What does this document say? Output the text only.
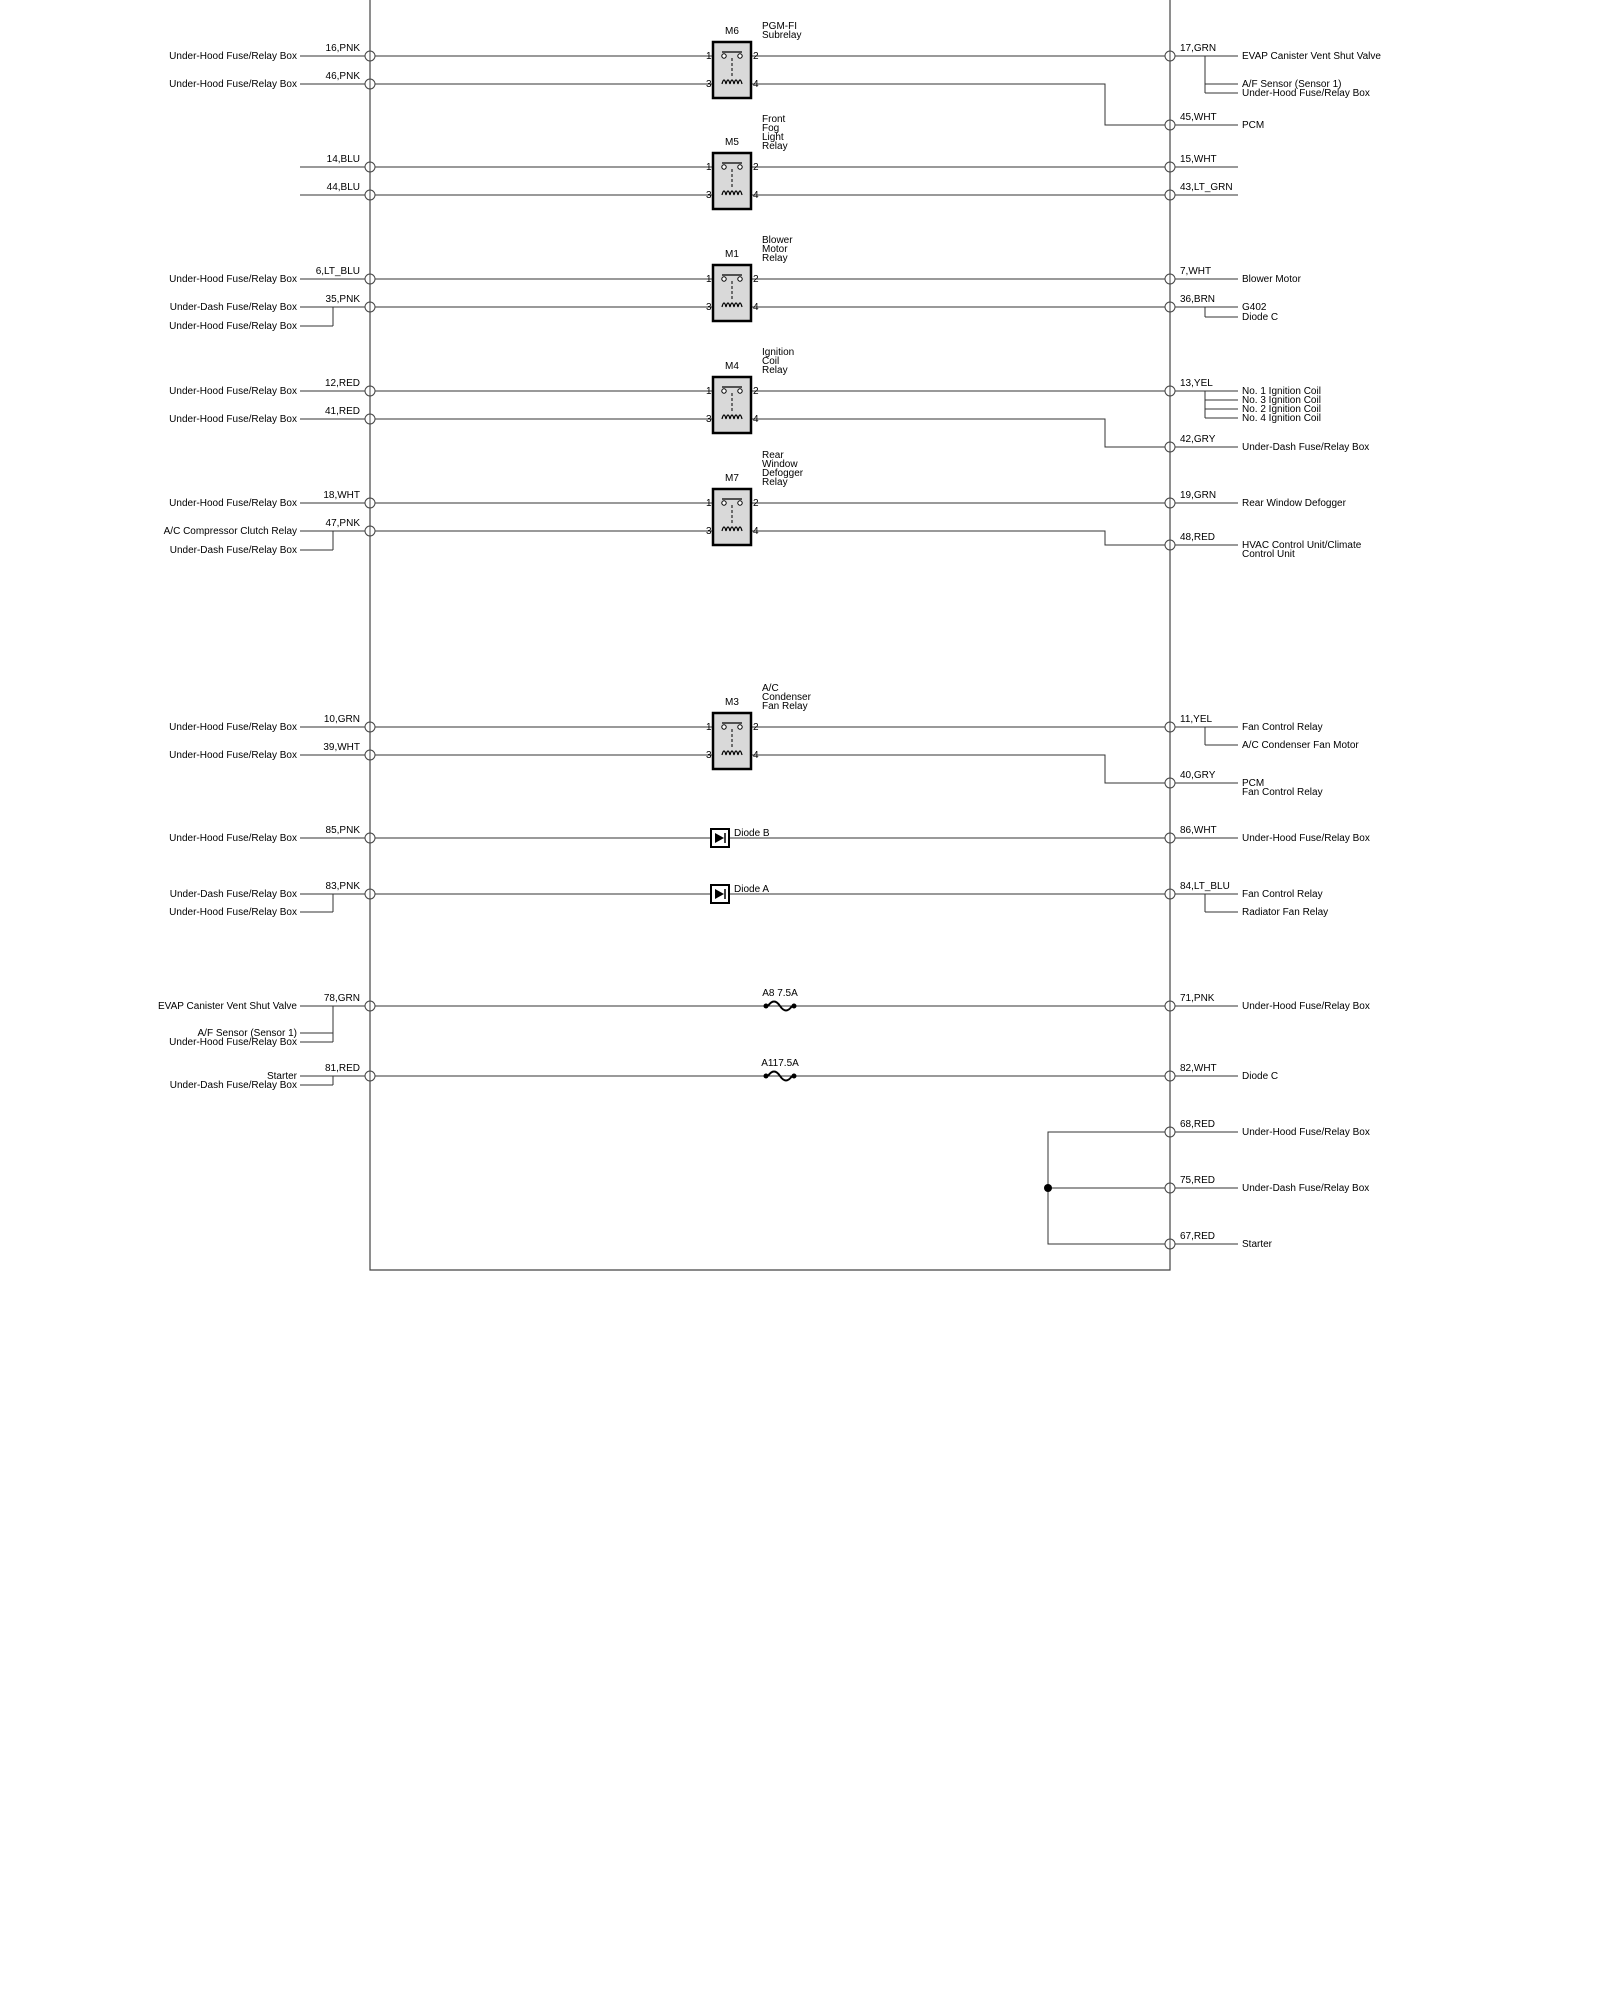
1	2
3	4
M6 PGM-FI
Subrelay
1	2
3	4
M5
Front
Fog
Light
Relay
1	2
3	4
M1
Blower
Motor
Relay
1	2
3	4
M4
Ignition
Coil
Relay
1	2
3	4
M7
Rear
Window
Defogger
Relay
1	2
3	4
M3
A/C
Condenser
Fan Relay
Diode B
Diode A
A8 7.5A
A117.5A
16,PNK
Under-Hood Fuse/Relay Box
46,PNK
Under-Hood Fuse/Relay Box
17,GRN
EVAP Canister Vent Shut Valve
A/F Sensor (Sensor 1)
Under-Hood Fuse/Relay Box
45,WHT
PCM
14,BLU
44,BLU
15,WHT
43,LT_GRN
6,LT_BLU
Under-Hood Fuse/Relay Box
35,PNK
Under-Dash Fuse/Relay Box
Under-Hood Fuse/Relay Box
7,WHT
Blower Motor
36,BRN
G402
Diode C
12,RED
Under-Hood Fuse/Relay Box
41,RED
Under-Hood Fuse/Relay Box
13,YEL
No. 1 Ignition Coil
No. 3 Ignition Coil
No. 2 Ignition Coil
No. 4 Ignition Coil
42,GRY
Under-Dash Fuse/Relay Box
18,WHT
Under-Hood Fuse/Relay Box
47,PNK
A/C Compressor Clutch Relay
Under-Dash Fuse/Relay Box
19,GRN
Rear Window Defogger
48,RED
HVAC Control Unit/Climate
Control Unit
10,GRN
Under-Hood Fuse/Relay Box
39,WHT
Under-Hood Fuse/Relay Box
11,YEL
Fan Control Relay
A/C Condenser Fan Motor
40,GRY
PCM
Fan Control Relay
85,PNK
Under-Hood Fuse/Relay Box
86,WHT
Under-Hood Fuse/Relay Box
83,PNK
Under-Dash Fuse/Relay Box
Under-Hood Fuse/Relay Box
84,LT_BLU
Fan Control Relay
Radiator Fan Relay
78,GRN
EVAP Canister Vent Shut Valve
A/F Sensor (Sensor 1)
Under-Hood Fuse/Relay Box
71,PNK
Under-Hood Fuse/Relay Box
81,RED
Starter
Under-Dash Fuse/Relay Box
82,WHT
Diode C
68,RED
Under-Hood Fuse/Relay Box
75,RED
Under-Dash Fuse/Relay Box
67,RED
Starter
